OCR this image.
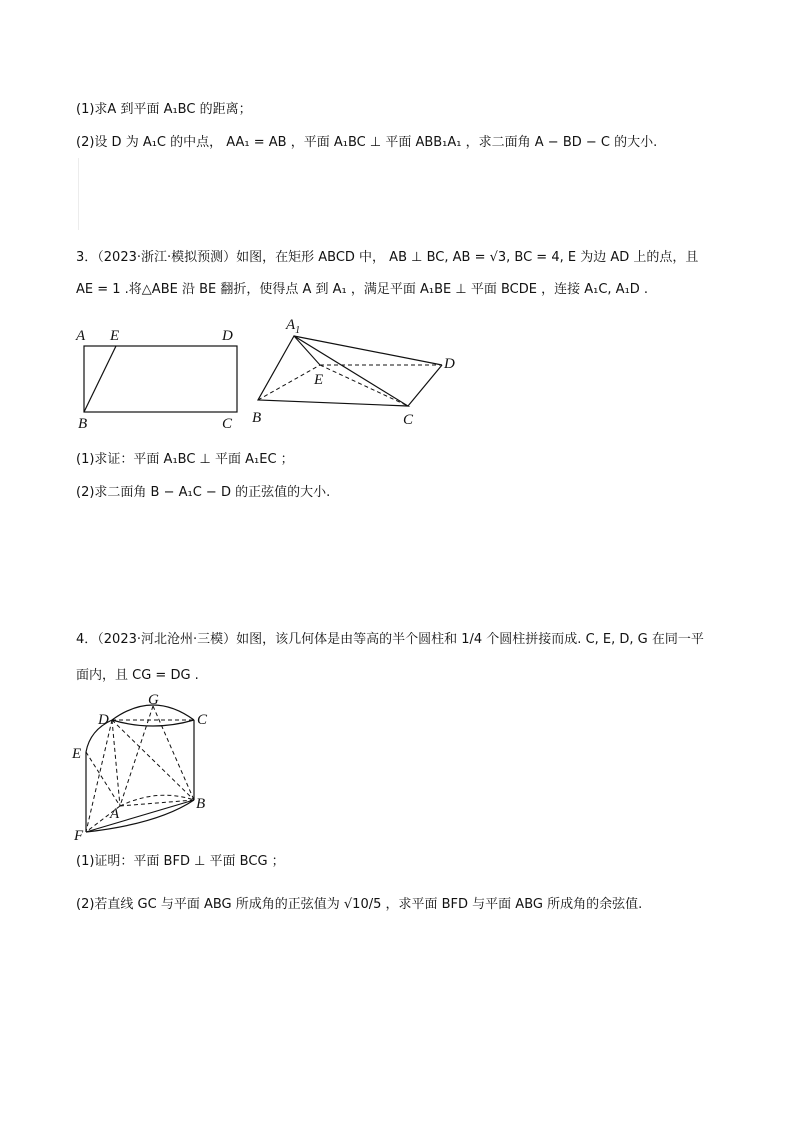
(1)求A 到平面 A₁BC 的距离；
(2)设 D 为 A₁C 的中点， AA₁ = AB ，平面 A₁BC ⊥ 平面 ABB₁A₁ ，求二面角 A − BD − C 的大小.
3．（2023·浙江·模拟预测）如图，在矩形 ABCD 中， AB ⊥ BC, AB = √3, BC = 4, E 为边 AD 上的点，且
AE = 1 .将△ABE 沿 BE 翻折，使得点 A 到 A₁ ，满足平面 A₁BE ⊥ 平面 BCDE ，连接 A₁C, A₁D .
A E	D
B	C
$A_1$
E
D
B	C
(1)求证：平面 A₁BC ⊥ 平面 A₁EC ；
(2)求二面角 B − A₁C − D 的正弦值的大小.
4．（2023·河北沧州·三模）如图，该几何体是由等高的半个圆柱和 1/4 个圆柱拼接而成. C, E, D, G 在同一平
面内，且 CG = DG .
G
D	C
E
A
B
F
(1)证明：平面 BFD ⊥ 平面 BCG ；
(2)若直线 GC 与平面 ABG 所成角的正弦值为 √10/5 ，求平面 BFD 与平面 ABG 所成角的余弦值.
